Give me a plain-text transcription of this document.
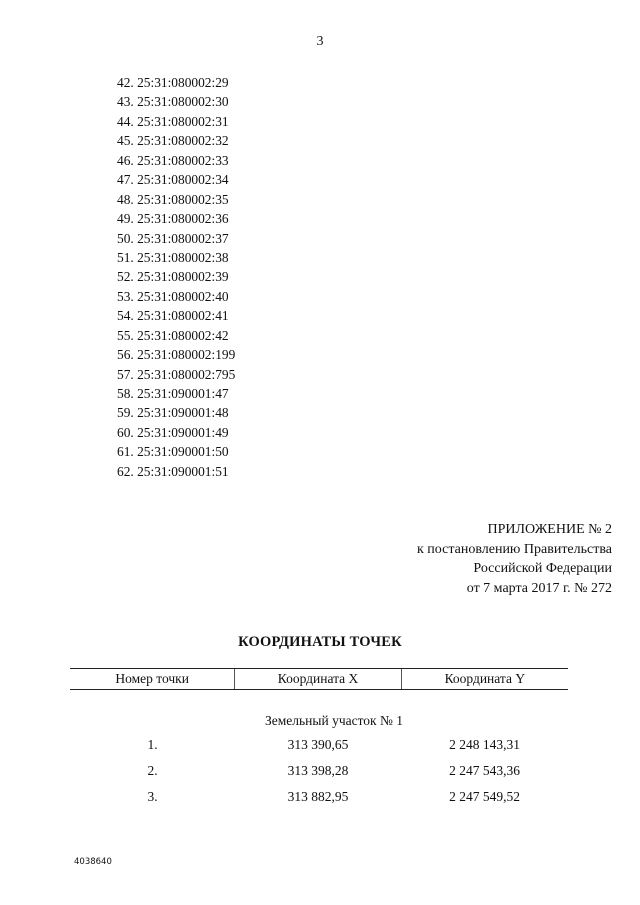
3
42. 25:31:080002:29
43. 25:31:080002:30
44. 25:31:080002:31
45. 25:31:080002:32
46. 25:31:080002:33
47. 25:31:080002:34
48. 25:31:080002:35
49. 25:31:080002:36
50. 25:31:080002:37
51. 25:31:080002:38
52. 25:31:080002:39
53. 25:31:080002:40
54. 25:31:080002:41
55. 25:31:080002:42
56. 25:31:080002:199
57. 25:31:080002:795
58. 25:31:090001:47
59. 25:31:090001:48
60. 25:31:090001:49
61. 25:31:090001:50
62. 25:31:090001:51
ПРИЛОЖЕНИЕ № 2
к постановлению Правительства
Российской Федерации
от 7 марта 2017 г. № 272
КООРДИНАТЫ ТОЧЕК
Номер точки	Координата X	Координата Y
Земельный участок № 1
1.	313 390,65	2 248 143,31
2.	313 398,28	2 247 543,36
3.	313 882,95	2 247 549,52
4038640
